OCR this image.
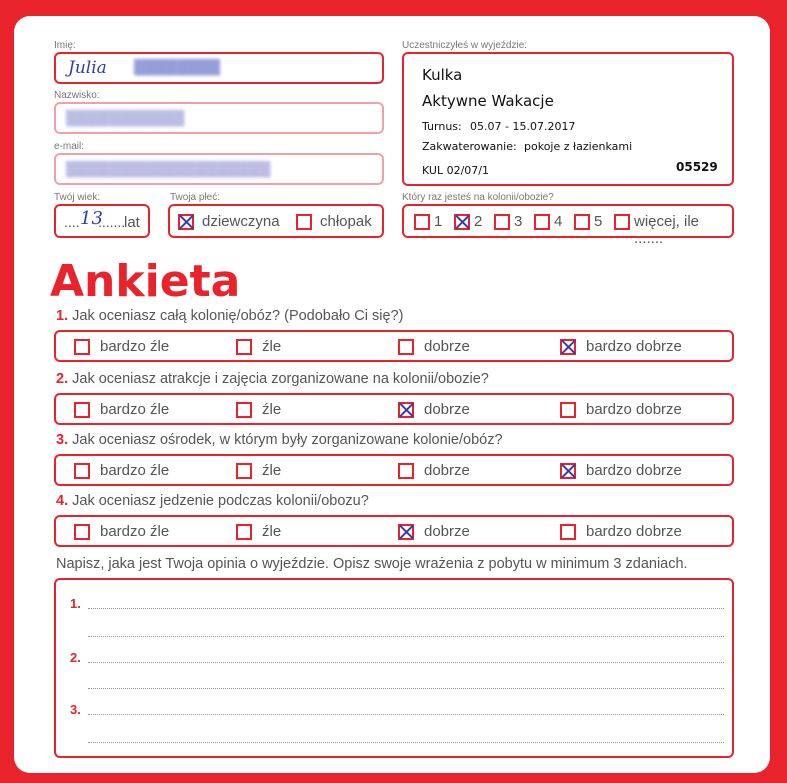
Imię:
Julia ▒▒▒▒▒▒▒▒
Nazwisko:
▒▒▒▒▒▒▒▒▒▒▒
e-mail:
▒▒▒▒▒▒▒▒▒▒▒▒▒▒▒▒▒▒▒
Twój wiek:
.... 13
.......
lat
Twoja płeć:
dziewczyna	chłopak
Uczestniczyłeś w wyjeździe:
Kulka
Aktywne Wakacje
Turnus: 05.07 - 15.07.2017
Zakwaterowanie: pokoje z łazienkami
KUL 02/07/1	05529
Który raz jesteś na kolonii/obozie?
1 2 3 4 5 więcej, ile .......
Ankieta
1. Jak oceniasz całą kolonię/obóz? (Podobało Ci się?)
bardzo źle	źle	dobrze	bardzo dobrze
2. Jak oceniasz atrakcje i zajęcia zorganizowane na kolonii/obozie?
bardzo źle	źle	dobrze	bardzo dobrze
3. Jak oceniasz ośrodek, w którym były zorganizowane kolonie/obóz?
bardzo źle	źle	dobrze	bardzo dobrze
4. Jak oceniasz jedzenie podczas kolonii/obozu?
bardzo źle	źle	dobrze	bardzo dobrze
Napisz, jaka jest Twoja opinia o wyjeździe. Opisz swoje wrażenia z pobytu w minimum 3 zdaniach.
1.
2.
3.
